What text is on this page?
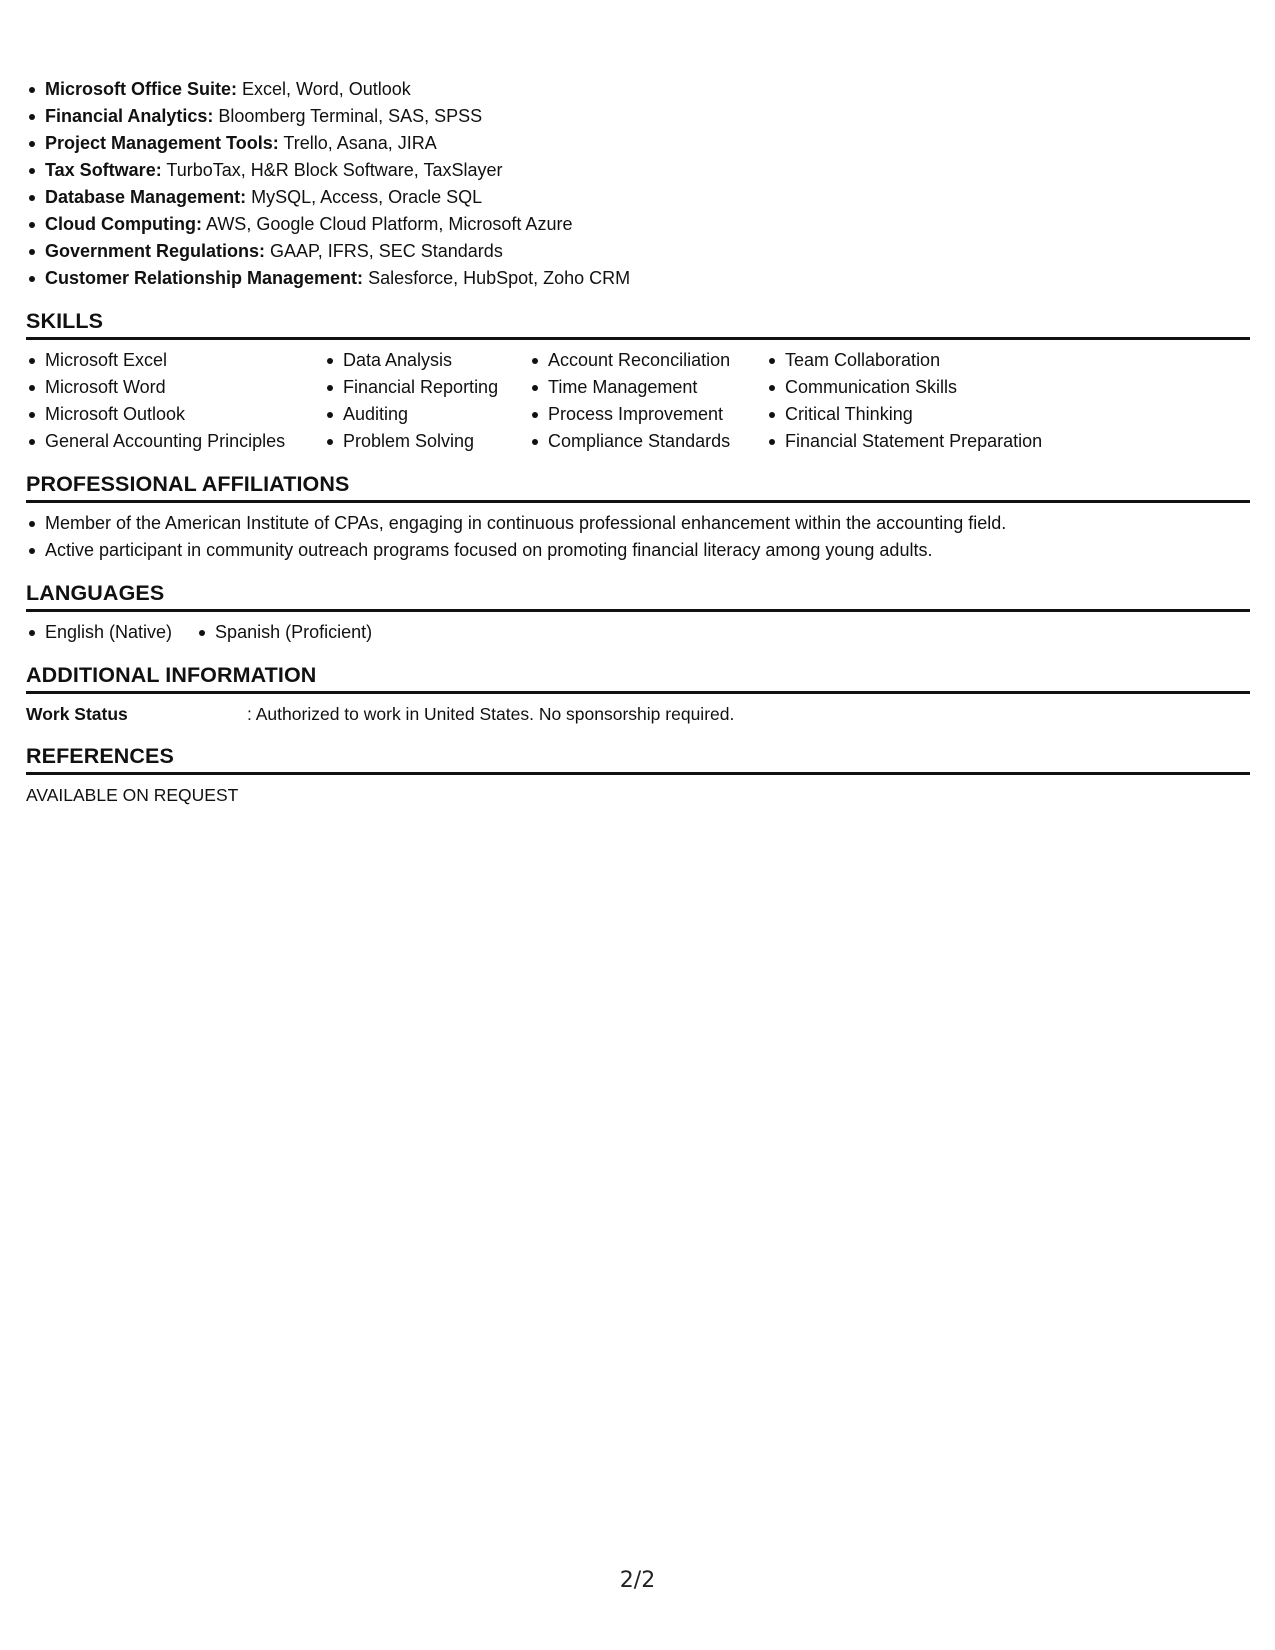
Microsoft Office Suite: Excel, Word, Outlook
Financial Analytics: Bloomberg Terminal, SAS, SPSS
Project Management Tools: Trello, Asana, JIRA
Tax Software: TurboTax, H&R Block Software, TaxSlayer
Database Management: MySQL, Access, Oracle SQL
Cloud Computing: AWS, Google Cloud Platform, Microsoft Azure
Government Regulations: GAAP, IFRS, SEC Standards
Customer Relationship Management: Salesforce, HubSpot, Zoho CRM
SKILLS
Microsoft Excel
Microsoft Word
Microsoft Outlook
General Accounting Principles
Data Analysis
Financial Reporting
Auditing
Problem Solving
Account Reconciliation
Time Management
Process Improvement
Compliance Standards
Team Collaboration
Communication Skills
Critical Thinking
Financial Statement Preparation
PROFESSIONAL AFFILIATIONS
Member of the American Institute of CPAs, engaging in continuous professional enhancement within the accounting field.
Active participant in community outreach programs focused on promoting financial literacy among young adults.
LANGUAGES
English (Native)	Spanish (Proficient)
ADDITIONAL INFORMATION
Work Status	: Authorized to work in United States. No sponsorship required.
REFERENCES
AVAILABLE ON REQUEST
2/2
